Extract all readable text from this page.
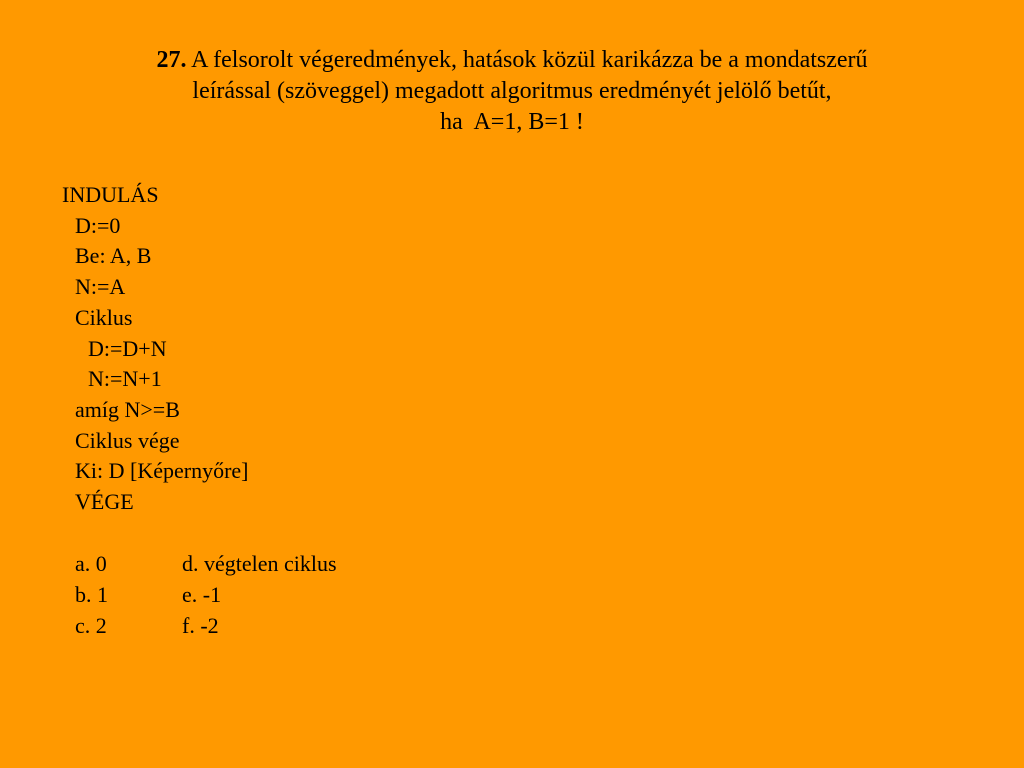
27. A felsorolt végeredmények, hatások közül karikázza be a mondatszerű
leírással (szöveggel) megadott algoritmus eredményét jelölő betűt,
ha  A=1, B=1 !
INDULÁS
D:=0
Be: A, B
N:=A
Ciklus
D:=D+N
N:=N+1
amíg N>=B
Ciklus vége
Ki: D [Képernyőre]
VÉGE
a. 0	d. végtelen ciklus
b. 1	e. -1
c. 2	f. -2
